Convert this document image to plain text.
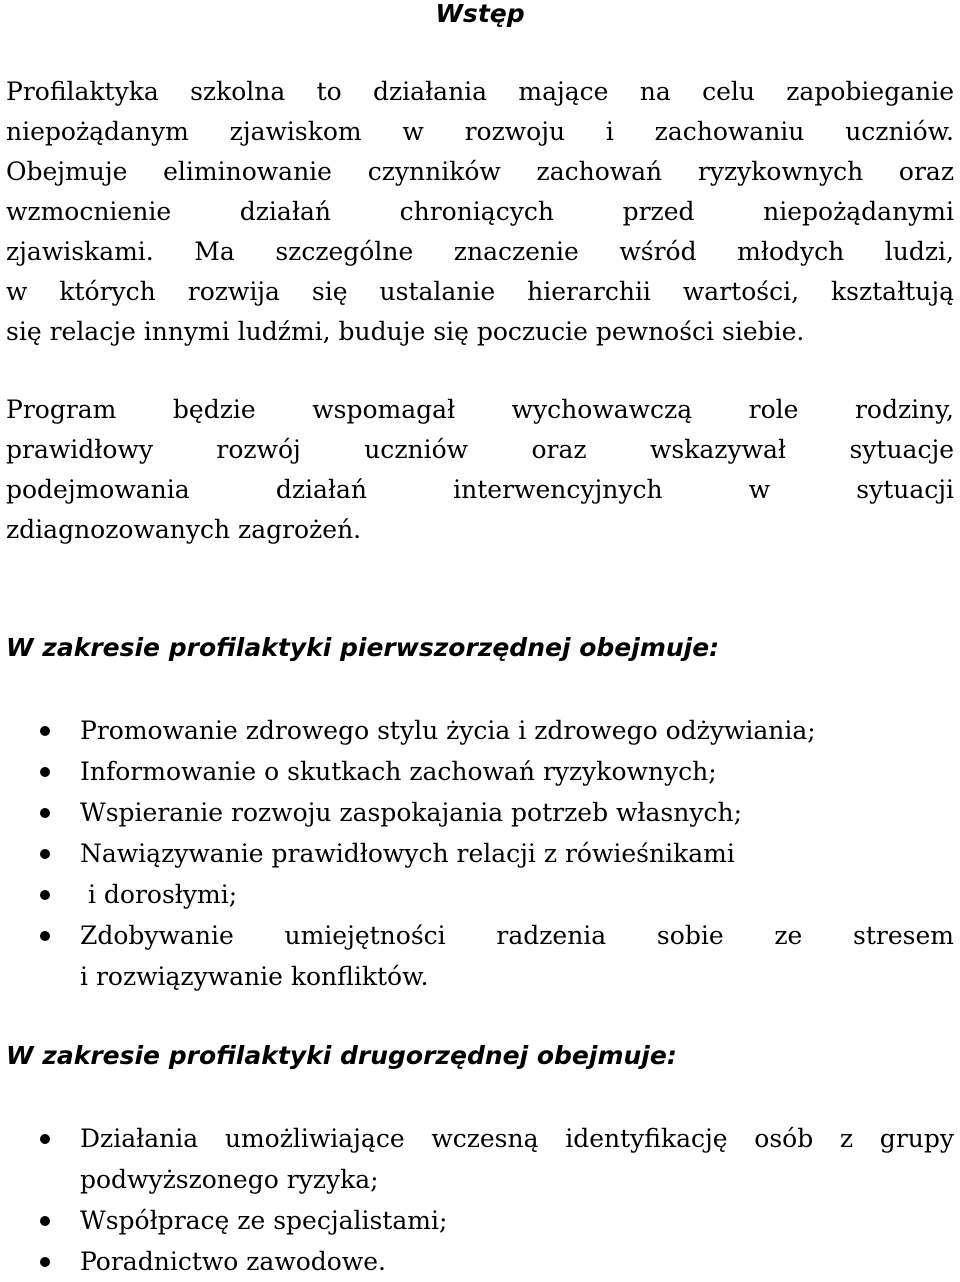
Wstęp
Profilaktyka szkolna to działania mające na celu zapobieganie
niepożądanym zjawiskom w rozwoju i zachowaniu uczniów.
Obejmuje eliminowanie czynników zachowań ryzykownych oraz
wzmocnienie działań chroniących przed niepożądanymi
zjawiskami. Ma szczególne znaczenie wśród młodych ludzi,
w których rozwija się ustalanie hierarchii wartości, kształtują
się relacje innymi ludźmi, buduje się poczucie pewności siebie.
Program będzie wspomagał wychowawczą role rodziny,
prawidłowy rozwój uczniów oraz wskazywał sytuacje
podejmowania działań interwencyjnych w sytuacji
zdiagnozowanych zagrożeń.
W zakresie profilaktyki pierwszorzędnej obejmuje:
Promowanie zdrowego stylu życia i zdrowego odżywiania;
Informowanie o skutkach zachowań ryzykownych;
Wspieranie rozwoju zaspokajania potrzeb własnych;
Nawiązywanie prawidłowych relacji z rówieśnikami
i dorosłymi;
Zdobywanie umiejętności radzenia sobie ze stresem
i rozwiązywanie konfliktów.
W zakresie profilaktyki drugorzędnej obejmuje:
Działania umożliwiające wczesną identyfikację osób z grupy
podwyższonego ryzyka;
Współpracę ze specjalistami;
Poradnictwo zawodowe.
